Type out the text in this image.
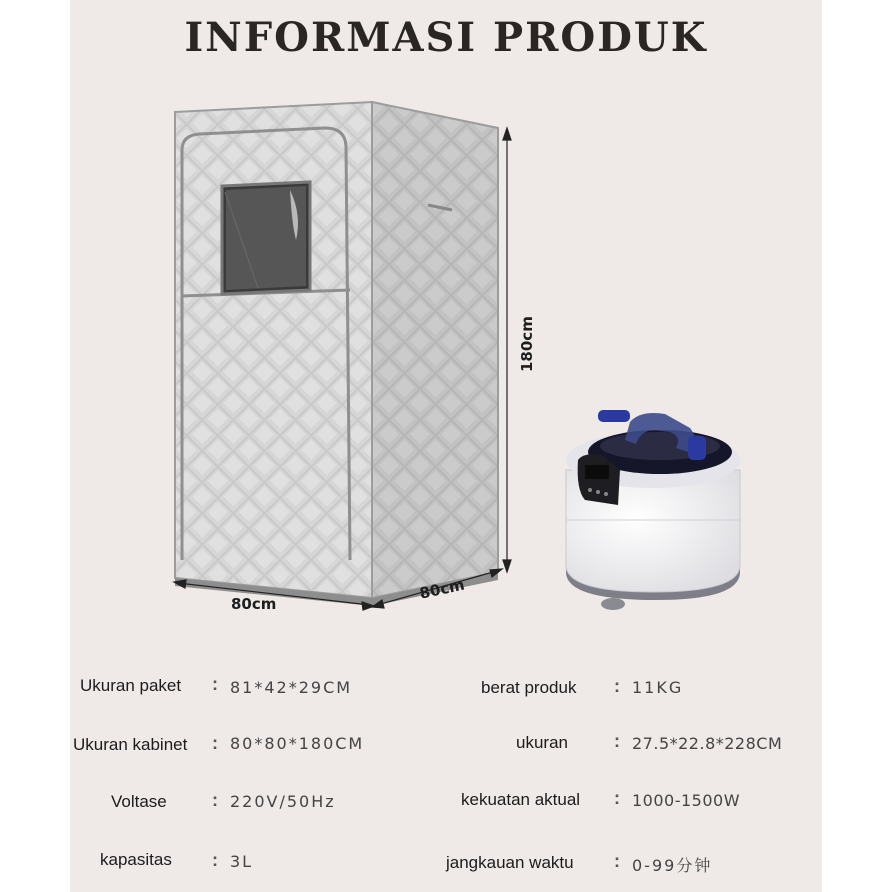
INFORMASI PRODUK
180cm
80cm
80cm
Ukuran paket : 81*42*29CM
Ukuran kabinet : 80*80*180CM
Voltase	: 220V/50Hz
kapasitas : 3L
berat produk : 11KG
ukuran	: 27.5*22.8*228CM
kekuatan aktual : 1000-1500W
jangkauan waktu : 0-99分钟
